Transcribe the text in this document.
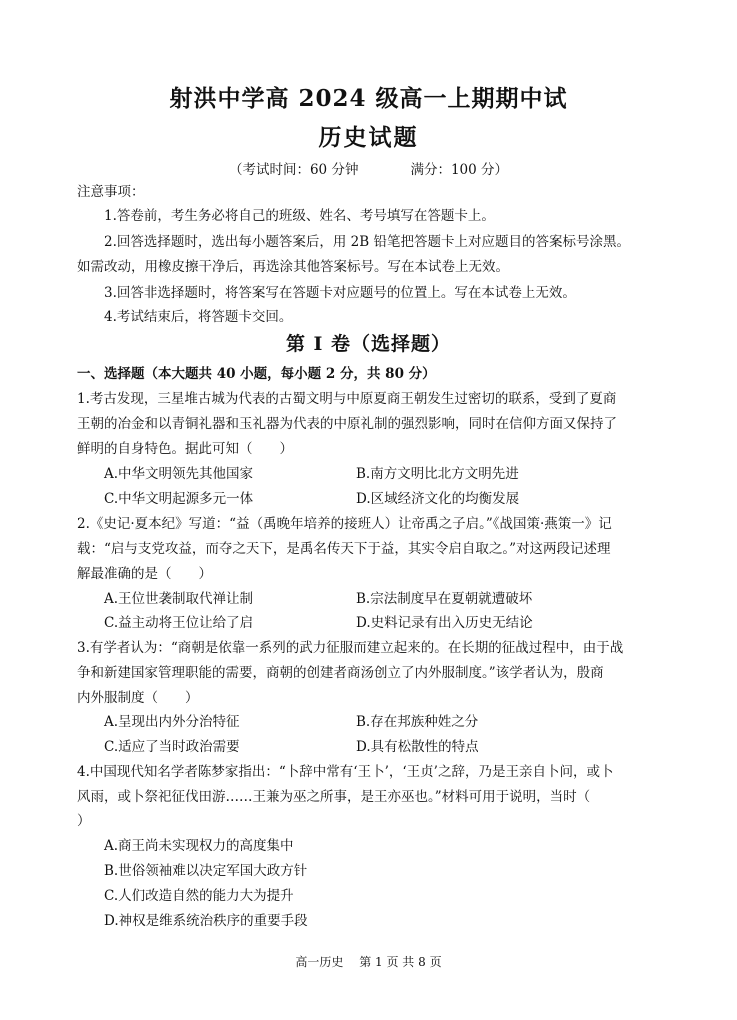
射洪中学高 2024 级高一上期期中试
历史试题
（考试时间：60 分钟	满分：100 分）
注意事项：
1.答卷前，考生务必将自己的班级、姓名、考号填写在答题卡上。
2.回答选择题时，选出每小题答案后，用 2B 铅笔把答题卡上对应题目的答案标号涂黑。
如需改动，用橡皮擦干净后，再选涂其他答案标号。写在本试卷上无效。
3.回答非选择题时，将答案写在答题卡对应题号的位置上。写在本试卷上无效。
4.考试结束后，将答题卡交回。
第 I 卷（选择题）
一、选择题（本大题共 40 小题，每小题 2 分，共 80 分）
1.考古发现，三星堆古城为代表的古蜀文明与中原夏商王朝发生过密切的联系，受到了夏商
王朝的冶金和以青铜礼器和玉礼器为代表的中原礼制的强烈影响，同时在信仰方面又保持了
鲜明的自身特色。据此可知（　　）
A.中华文明领先其他国家	B.南方文明比北方文明先进
C.中华文明起源多元一体	D.区域经济文化的均衡发展
2.《史记·夏本纪》写道：“益（禹晚年培养的接班人）让帝禹之子启。”《战国策·燕策一》记
载：“启与支党攻益，而夺之天下，是禹名传天下于益，其实令启自取之。”对这两段记述理
解最准确的是（　　）
A.王位世袭制取代禅让制	B.宗法制度早在夏朝就遭破坏
C.益主动将王位让给了启	D.史料记录有出入历史无结论
3.有学者认为：“商朝是依靠一系列的武力征服而建立起来的。在长期的征战过程中，由于战
争和新建国家管理职能的需要，商朝的创建者商汤创立了内外服制度。”该学者认为，殷商
内外服制度（　　）
A.呈现出内外分治特征	B.存在邦族种姓之分
C.适应了当时政治需要	D.具有松散性的特点
4.中国现代知名学者陈梦家指出：“卜辞中常有‘王卜’，‘王贞’之辞，乃是王亲自卜问，或卜
风雨，或卜祭祀征伐田游……王兼为巫之所事，是王亦巫也。”材料可用于说明，当时（
）
A.商王尚未实现权力的高度集中
B.世俗领袖难以决定军国大政方针
C.人们改造自然的能力大为提升
D.神权是维系统治秩序的重要手段
高一历史　 第 1 页 共 8 页
